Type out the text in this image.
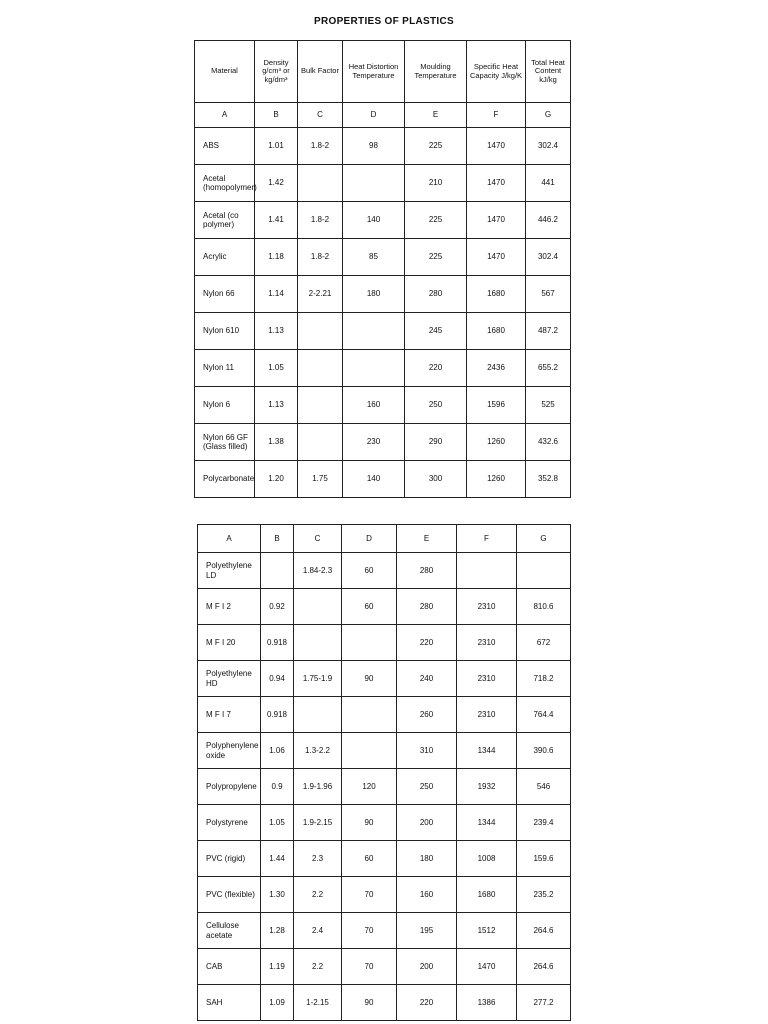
PROPERTIES OF PLASTICS
Material	Density g/cm³ or kg/dm³	Bulk Factor	Heat Distortion Temperature	Moulding Temperature	Specific Heat Capacity J/kg/K	Total Heat Content kJ/kg
A	B	C	D	E	F	G
ABS	1.01	1.8-2	98	225	1470	302.4
Acetal (homopolymer)	1.42			210	1470	441
Acetal (co polymer)	1.41	1.8-2	140	225	1470	446.2
Acrylic	1.18	1.8-2	85	225	1470	302.4
Nylon 66	1.14	2-2.21	180	280	1680	567
Nylon 610	1.13			245	1680	487.2
Nylon 11	1.05			220	2436	655.2
Nylon 6	1.13		160	250	1596	525
Nylon 66 GF (Glass filled)	1.38		230	290	1260	432.6
Polycarbonate	1.20	1.75	140	300	1260	352.8
A	B	C	D	E	F	G
Polyethylene LD		1.84-2.3	60	280		
M F I 2	0.92		60	280	2310	810.6
M F I 20	0.918			220	2310	672
Polyethylene HD	0.94	1.75-1.9	90	240	2310	718.2
M F I 7	0.918			260	2310	764.4
Polyphenylene oxide	1.06	1.3-2.2		310	1344	390.6
Polypropylene	0.9	1.9-1.96	120	250	1932	546
Polystyrene	1.05	1.9-2.15	90	200	1344	239.4
PVC (rigid)	1.44	2.3	60	180	1008	159.6
PVC (flexible)	1.30	2.2	70	160	1680	235.2
Cellulose acetate	1.28	2.4	70	195	1512	264.6
CAB	1.19	2.2	70	200	1470	264.6
SAH	1.09	1-2.15	90	220	1386	277.2
